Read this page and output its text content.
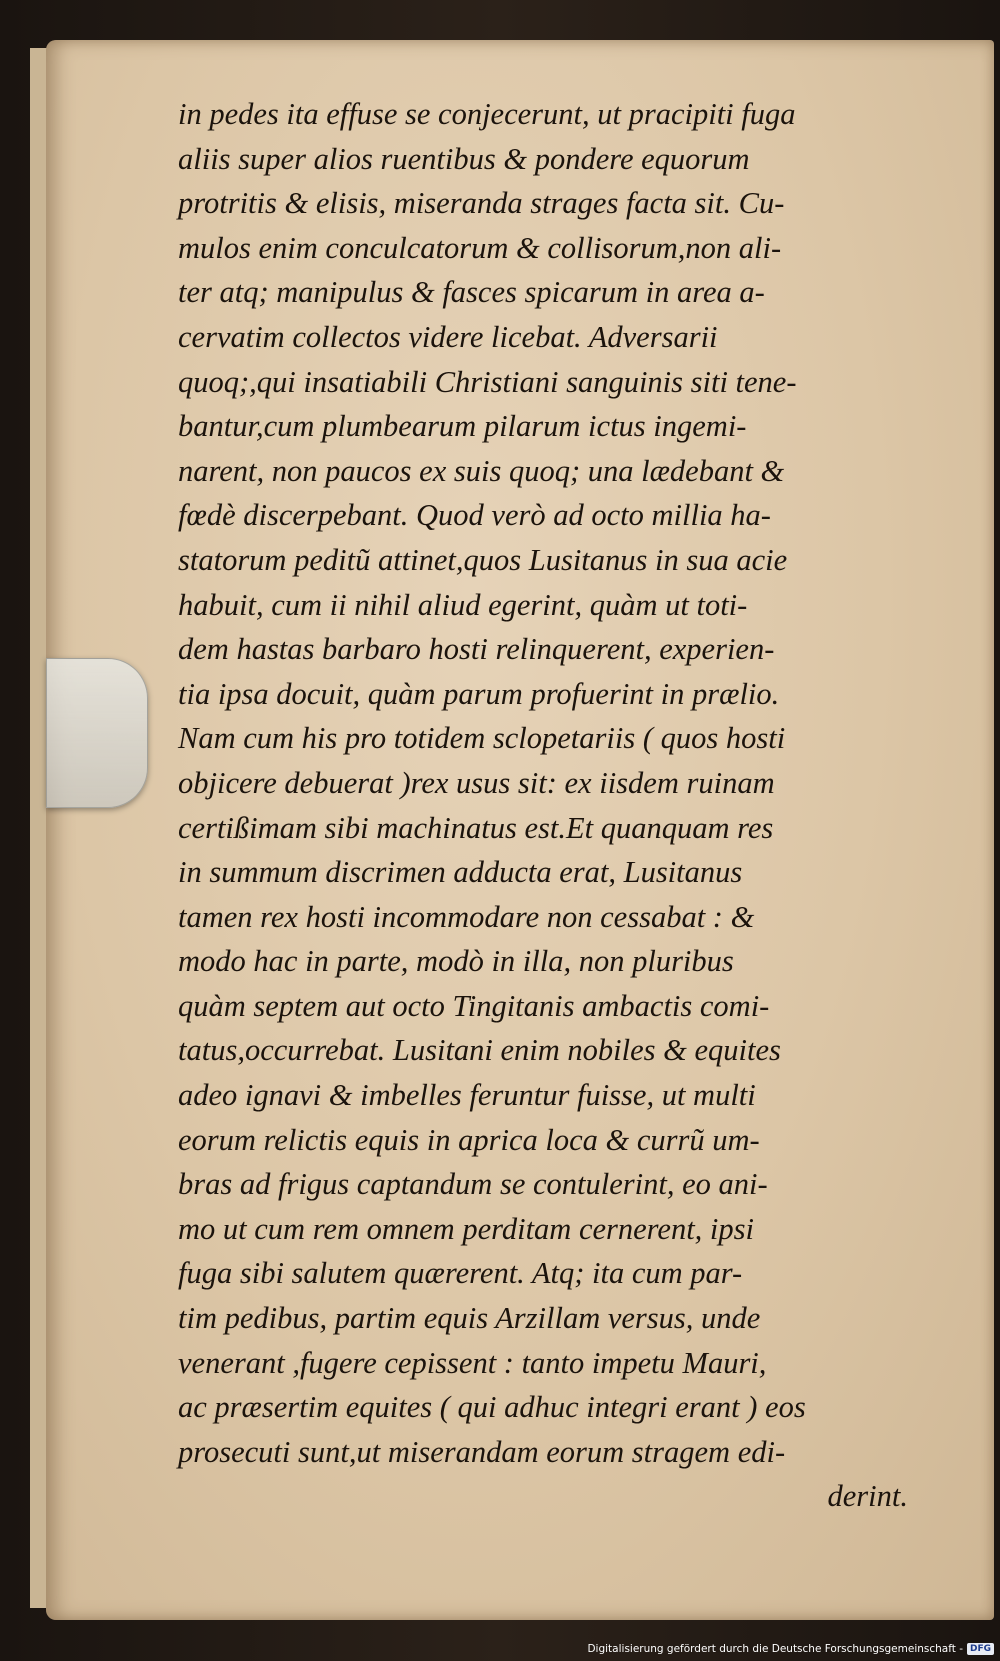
in pedes ita effuse se conjecerunt, ut pracipiti fuga
aliis super alios ruentibus & pondere equorum
protritis & elisis, miseranda strages facta sit. Cu-
mulos enim conculcatorum & collisorum,non ali-
ter atq; manipulus & fasces spicarum in area a-
cervatim collectos videre licebat. Adversarii
quoq;,qui insatiabili Christiani sanguinis siti tene-
bantur,cum plumbearum pilarum ictus ingemi-
narent, non paucos ex suis quoq; una lædebant &
fœdè discerpebant. Quod verò ad octo millia ha-
statorum peditũ attinet,quos Lusitanus in sua acie
habuit, cum ii nihil aliud egerint, quàm ut toti-
dem hastas barbaro hosti relinquerent, experien-
tia ipsa docuit, quàm parum profuerint in prælio.
Nam cum his pro totidem sclopetariis ( quos hosti
objicere debuerat )rex usus sit: ex iisdem ruinam
certißimam sibi machinatus est.Et quanquam res
in summum discrimen adducta erat, Lusitanus
tamen rex hosti incommodare non cessabat : &
modo hac in parte, modò in illa, non pluribus
quàm septem aut octo Tingitanis ambactis comi-
tatus,occurrebat. Lusitani enim nobiles & equites
adeo ignavi & imbelles feruntur fuisse, ut multi
eorum relictis equis in aprica loca & currũ um-
bras ad frigus captandum se contulerint, eo ani-
mo ut cum rem omnem perditam cernerent, ipsi
fuga sibi salutem quærerent. Atq; ita cum par-
tim pedibus, partim equis Arzillam versus, unde
venerant ,fugere cepissent : tanto impetu Mauri,
ac præsertim equites ( qui adhuc integri erant ) eos
prosecuti sunt,ut miserandam eorum stragem edi-
derint.
Digitalisierung gefördert durch die Deutsche Forschungsgemeinschaft - DFG
